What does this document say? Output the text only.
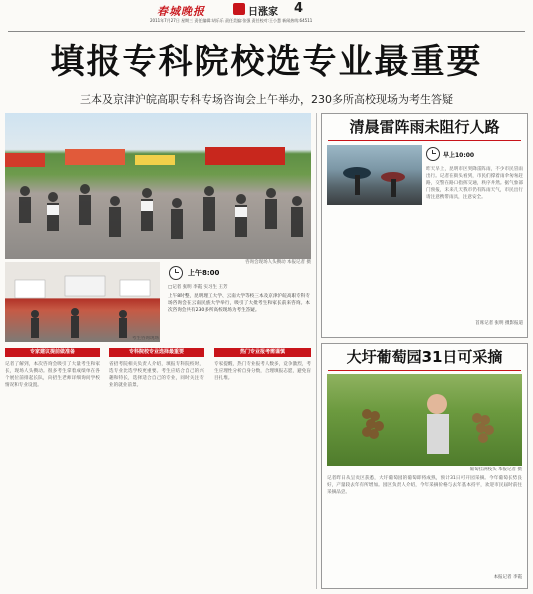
春城晚报	日涨家 4
2011年7月27日 星期三 责任编辑:胡乐乐 责任美编:张强 责任校对:王小慧 新闻热线:64511
填报专科院校选专业最重要
三本及京津沪皖高职专科专场咨询会上午举办，230多所高校现场为考生答疑
咨询会现场人头攒动 本报记者 摄
考生咨询现场
上午8:00
□记者 张明 李霞 实习生 王芳
上午8时整，昆明理工大学、云南大学等校三本及京津沪皖高职专科专场咨询会在云南民族大学举行，吸引了大批考生和家长前来咨询。本次咨询会共有230多所高校现场为考生答疑。
专家建议提前做准备	专科院校专业选择最重要	热门专业报考需谨慎
记者了解到，本次咨询会吸引了大量考生和家长，现场人头攒动。很多考生拿着成绩单在各个展位前排起长队，向招生老师详细询问学校情况和专业设置。
省招考院相关负责人介绍，填报专科院校时，选专业比选学校更重要。考生应结合自己的兴趣和特长，选择适合自己的专业，同时关注专业的就业前景。
专家提醒，热门专业报考人数多，竞争激烈，考生应理性分析自身分数，合理填报志愿，避免盲目扎堆。
清晨雷阵雨未阻行人路
早上10:00
昨天早上，昆明市区突降雷阵雨，不少市民冒雨出行。记者在街头看到，市民们撑着雨伞匆匆赶路，交警在路口指挥交通，秩序井然。据气象部门预报，未来几天我市仍有阵雨天气，市民出行请注意携带雨具，注意安全。
首席记者 张明 摄影报道
大圩葡萄园31日可采摘
葡萄挂满枝头 本报记者 摄
记者昨日从呈贡区获悉，大圩葡萄园的葡萄即将成熟，预计31日可开园采摘。今年葡萄长势良好，产量较去年有所增加。园区负责人介绍，今年采摘价格与去年基本持平，欢迎市民届时前往采摘品尝。
本报记者 李霞
